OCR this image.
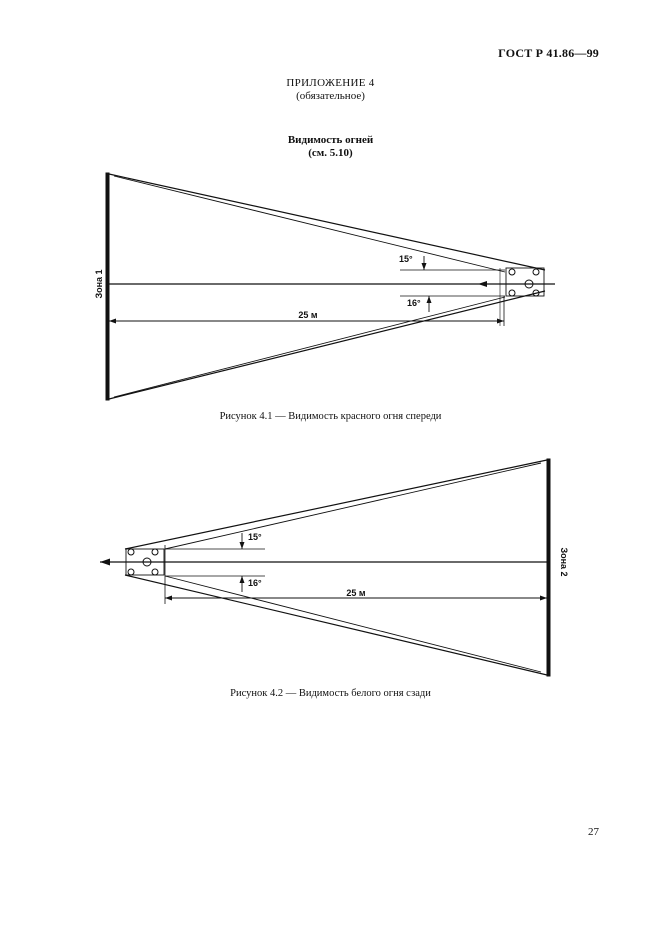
ГОСТ Р 41.86—99
ПРИЛОЖЕНИЕ 4
(обязательное)
Видимость огней
(см. 5.10)
Зона 1
15°
16°
25 м
Зона 2
15°
16°
25 м
Рисунок 4.1 — Видимость красного огня спереди
Рисунок 4.2 — Видимость белого огня сзади
27
